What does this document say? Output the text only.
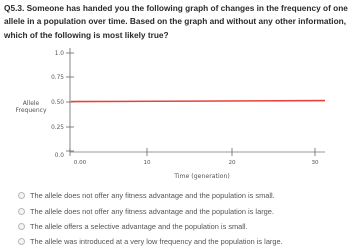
Q5.3. Someone has handed you the following graph of changes in the frequency of one allele in a population over time. Based on the graph and without any other information, which of the following is most likely true?
1.0
0.75
0.50
0.25
0.0
Allele
Frequency
0.00	10	20	30
Time (generation)
The allele does not offer any fitness advantage and the population is small.
The allele does not offer any fitness advantage and the population is large.
The allele offers a selective advantage and the population is small.
The allele was introduced at a very low frequency and the population is large.
